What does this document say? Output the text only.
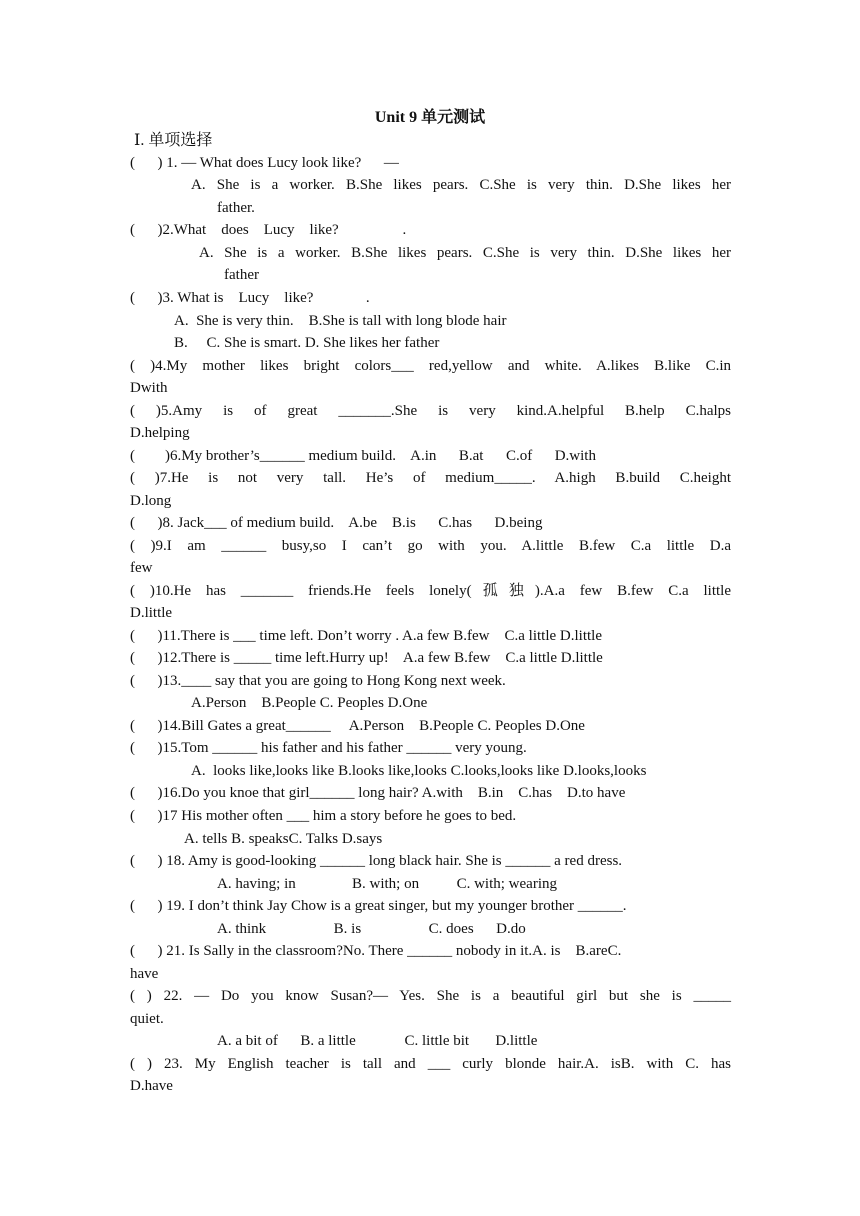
Unit 9 单元测试
Ⅰ. 单项选择
(      ) 1. — What does Lucy look like?      —
A. She is a worker. B.She likes pears. C.She is very thin. D.She likes her
father.
(      )2.What    does    Lucy    like?                 .
A. She is a worker. B.She likes pears. C.She is very thin. D.She likes her
father
(      )3. What is    Lucy    like?              .
A.  She is very thin.    B.She is tall with long blode hair
B.     C. She is smart. D. She likes her father
( )4.My mother likes bright colors___ red,yellow and white. A.likes B.like C.in
Dwith
( )5.Amy is of great _______.She is very kind.A.helpful B.help C.halps
D.helping
(        )6.My brother’s______ medium build.    A.in      B.at      C.of      D.with
( )7.He is not very tall. He’s of medium_____. A.high B.build C.height
D.long
(      )8. Jack___ of medium build.    A.be    B.is      C.has      D.being
( )9.I am ______ busy,so I can’t go with you. A.little B.few C.a little D.a
few
( )10.He has _______ friends.He feels lonely(孤独).A.a few B.few C.a little
D.little
(      )11.There is ___ time left. Don’t worry . A.a few B.few    C.a little D.little
(      )12.There is _____ time left.Hurry up!    A.a few B.few    C.a little D.little
(      )13.____ say that you are going to Hong Kong next week.
A.Person    B.People C. Peoples D.One
(      )14.Bill Gates a great______     A.Person    B.People C. Peoples D.One
(      )15.Tom ______ his father and his father ______ very young.
A.  looks like,looks like B.looks like,looks C.looks,looks like D.looks,looks
(      )16.Do you knoe that girl______ long hair? A.with    B.in    C.has    D.to have
(      )17 His mother often ___ him a story before he goes to bed.
A. tells B. speaksC. Talks D.says
(      ) 18. Amy is good-looking ______ long black hair. She is ______ a red dress.
A. having; in               B. with; on          C. with; wearing
(      ) 19. I don’t think Jay Chow is a great singer, but my younger brother ______.
A. think                  B. is                  C. does      D.do
(      ) 21. Is Sally in the classroom?No. There ______ nobody in it.A. is    B.areC.
have
( ) 22. — Do you know Susan?— Yes. She is a beautiful girl but she is _____
quiet.
A. a bit of      B. a little             C. little bit       D.little
( ) 23. My English teacher is tall and ___ curly blonde hair.A. isB. with C. has
D.have
